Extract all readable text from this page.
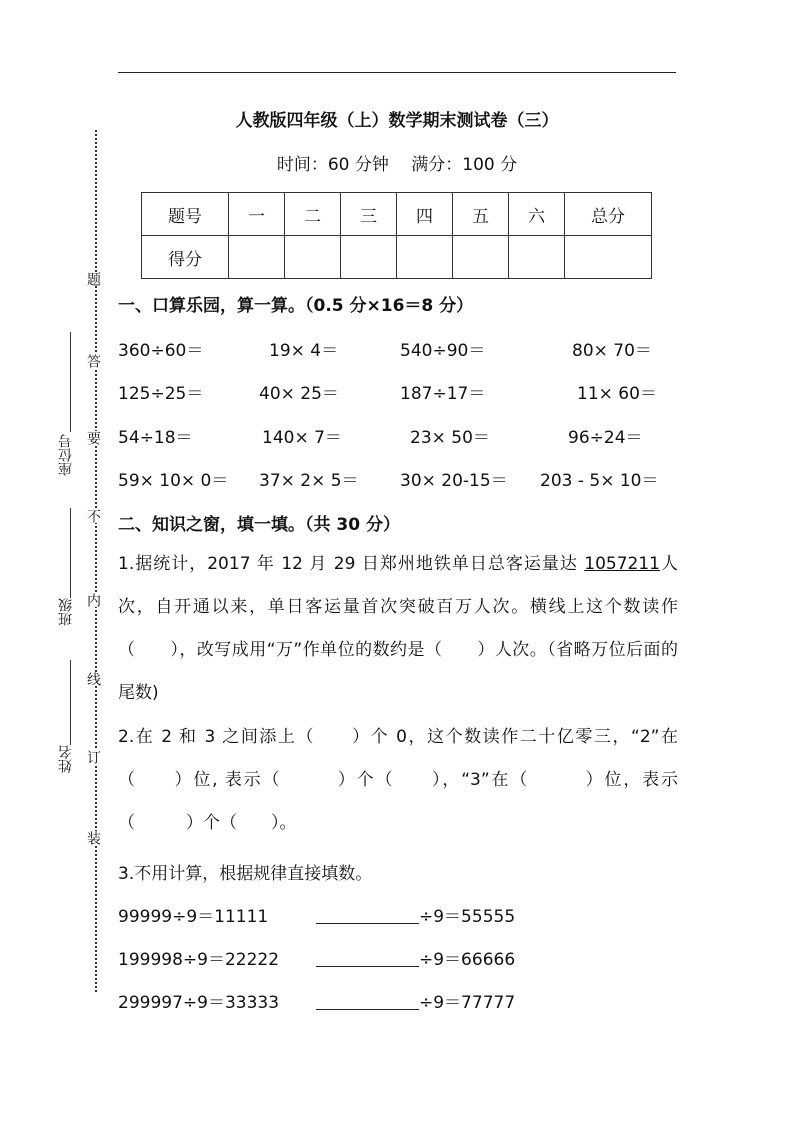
题
答
要
不
内
线
订
装
座位号
班级
姓名
人教版四年级（上）数学期末测试卷（三）
时间：60 分钟　 满分：100 分
题号	一	二	三	四	五	六	总分
得分							
一、口算乐园，算一算。（0.5 分×16＝8 分）
360÷60＝	19× 4＝	540÷90＝	80× 70＝
125÷25＝	40× 25＝	187÷17＝	11× 60＝
54÷18＝	140× 7＝	23× 50＝	96÷24＝
59× 10× 0＝ 37× 2× 5＝ 30× 20-15＝ 203 - 5× 10＝
二、知识之窗，填一填。（共 30 分）
1.据统计，2017 年 12 月 29 日郑州地铁单日总客运量达 1057211人次，自开通以来，单日客运量首次突破百万人次。横线上这个数读作（　　），改写成用“万”作单位的数约是（　　）人次。（省略万位后面的尾数)
2.在 2 和 3 之间添上（　　）个 0，这个数读作二十亿零三，“2”在（　　）位, 表示（　　　）个（　　），“3”在（　　　）位，表示（　　　）个（　　）。
3.不用计算，根据规律直接填数。
99999÷9＝11111	÷9＝55555
199998÷9＝22222	÷9＝66666
299997÷9＝33333	÷9＝77777
